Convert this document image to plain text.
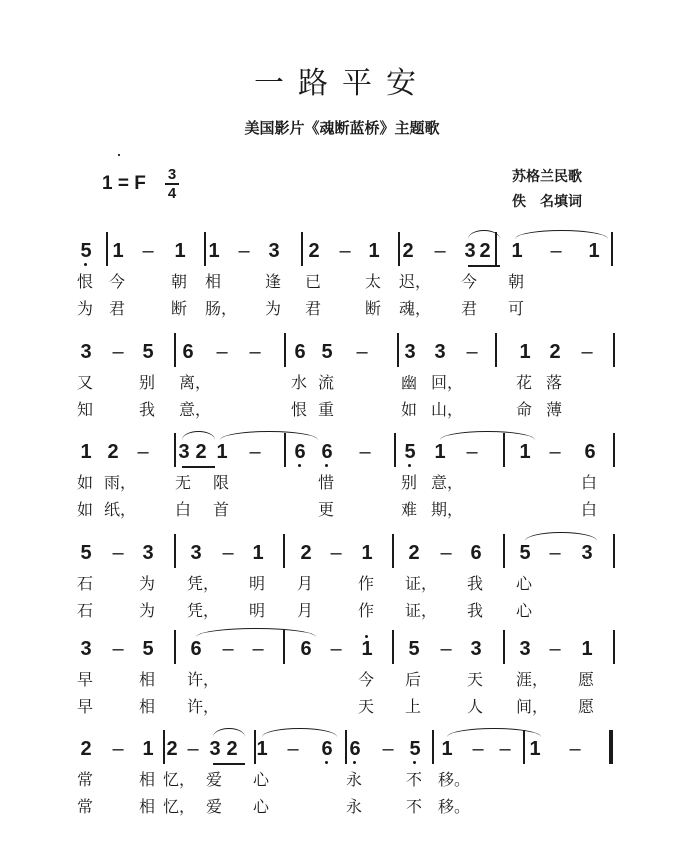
一路平安
美国影片《魂断蓝桥》主题歌
1 = F 3
4
苏格兰民歌
佚　名填词
5 1 – 1 1 – 3 2 – 1 2 – 3 2 1 – 1
恨 今	朝 相	逢 已	太 迟， 今 朝
为 君	断 肠， 为 君	断 魂， 君 可
3 – 5 6 – – 6 5 – 3 3 – 1 2 –
又	别 离，	水 流	幽 回，	花 落
知	我 意，	恨 重	如 山，	命 薄
1 2 – 3 2 1 – 6 6 – 5 1 – 1 – 6
如 雨， 无 限	惜	别 意，	白
如 纸， 白 首	更	难 期，	白
5 – 3 3 – 1 2 – 1 2 – 6 5 – 3
石	为 凭， 明 月	作 证， 我 心
石	为 凭， 明 月	作 证， 我 心
3 – 5 6 – – 6 – 1 5 – 3 3 – 1
早	相 许，	今 后	天 涯， 愿
早	相 许，	天 上	人 间， 愿
2 – 1 2 – 3 2 1 – 6 6 – 5 1 – – 1 –
常	相 忆， 爱 心	永	不 移。
常	相 忆， 爱 心	永	不 移。
